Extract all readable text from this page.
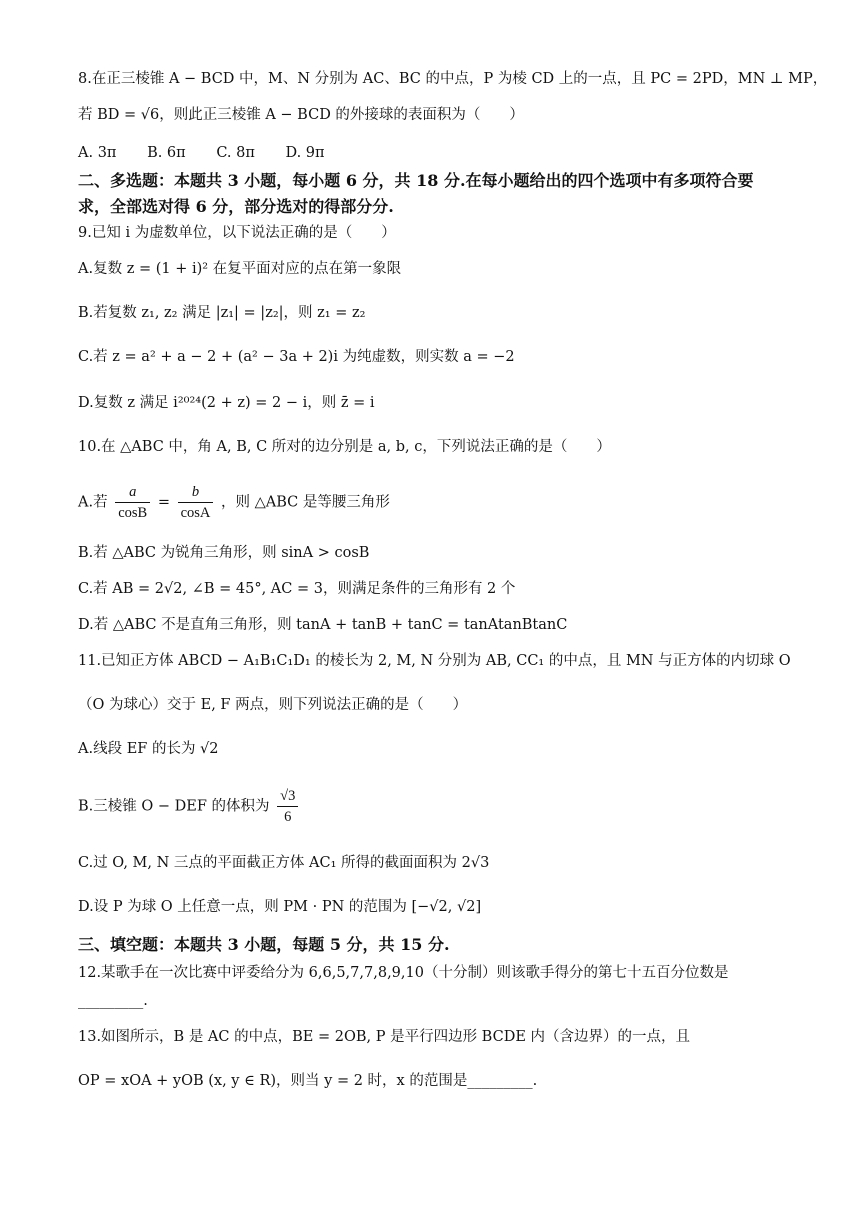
8.在正三棱锥 A − BCD 中，M、N 分别为 AC、BC 的中点，P 为棱 CD 上的一点，且 PC = 2PD，MN ⊥ MP，
若 BD = √6，则此正三棱锥 A − BCD 的外接球的表面积为（　　）
A. 3π B. 6π C. 8π D. 9π
二、多选题：本题共 3 小题，每小题 6 分，共 18 分.在每小题给出的四个选项中有多项符合要
求，全部选对得 6 分，部分选对的得部分分.
9.已知 i 为虚数单位，以下说法正确的是（　　）
A.复数 z = (1 + i)² 在复平面对应的点在第一象限
B.若复数 z₁, z₂ 满足 |z₁| = |z₂|，则 z₁ = z₂
C.若 z = a² + a − 2 + (a² − 3a + 2)i 为纯虚数，则实数 a = −2
D.复数 z 满足 i²⁰²⁴(2 + z) = 2 − i，则 z̄ = i
10.在 △ABC 中，角 A, B, C 所对的边分别是 a, b, c，下列说法正确的是（　　）
A.若 $\frac{a}{\cos B} = \frac{b}{\cos A}$ ，则 △ABC 是等腰三角形
B.若 △ABC 为锐角三角形，则 sinA > cosB
C.若 AB = 2√2, ∠B = 45°, AC = 3，则满足条件的三角形有 2 个
D.若 △ABC 不是直角三角形，则 tanA + tanB + tanC = tanAtanBtanC
11.已知正方体 ABCD − A₁B₁C₁D₁ 的棱长为 2, M, N 分别为 AB, CC₁ 的中点，且 MN 与正方体的内切球 O
（O 为球心）交于 E, F 两点，则下列说法正确的是（　　）
A.线段 EF 的长为 √2
B.三棱锥 O − DEF 的体积为 $\frac{√3}{6}$
C.过 O, M, N 三点的平面截正方体 AC₁ 所得的截面面积为 2√3
D.设 P 为球 O 上任意一点，则 PM · PN 的范围为 [−√2, √2]
三、填空题：本题共 3 小题，每题 5 分，共 15 分.
12.某歌手在一次比赛中评委给分为 6,6,5,7,7,8,9,10（十分制）则该歌手得分的第七十五百分位数是
_________.
13.如图所示，B 是 AC 的中点，BE = 2OB, P 是平行四边形 BCDE 内（含边界）的一点，且
OP = xOA + yOB (x, y ∈ R)，则当 y = 2 时，x 的范围是_________.
